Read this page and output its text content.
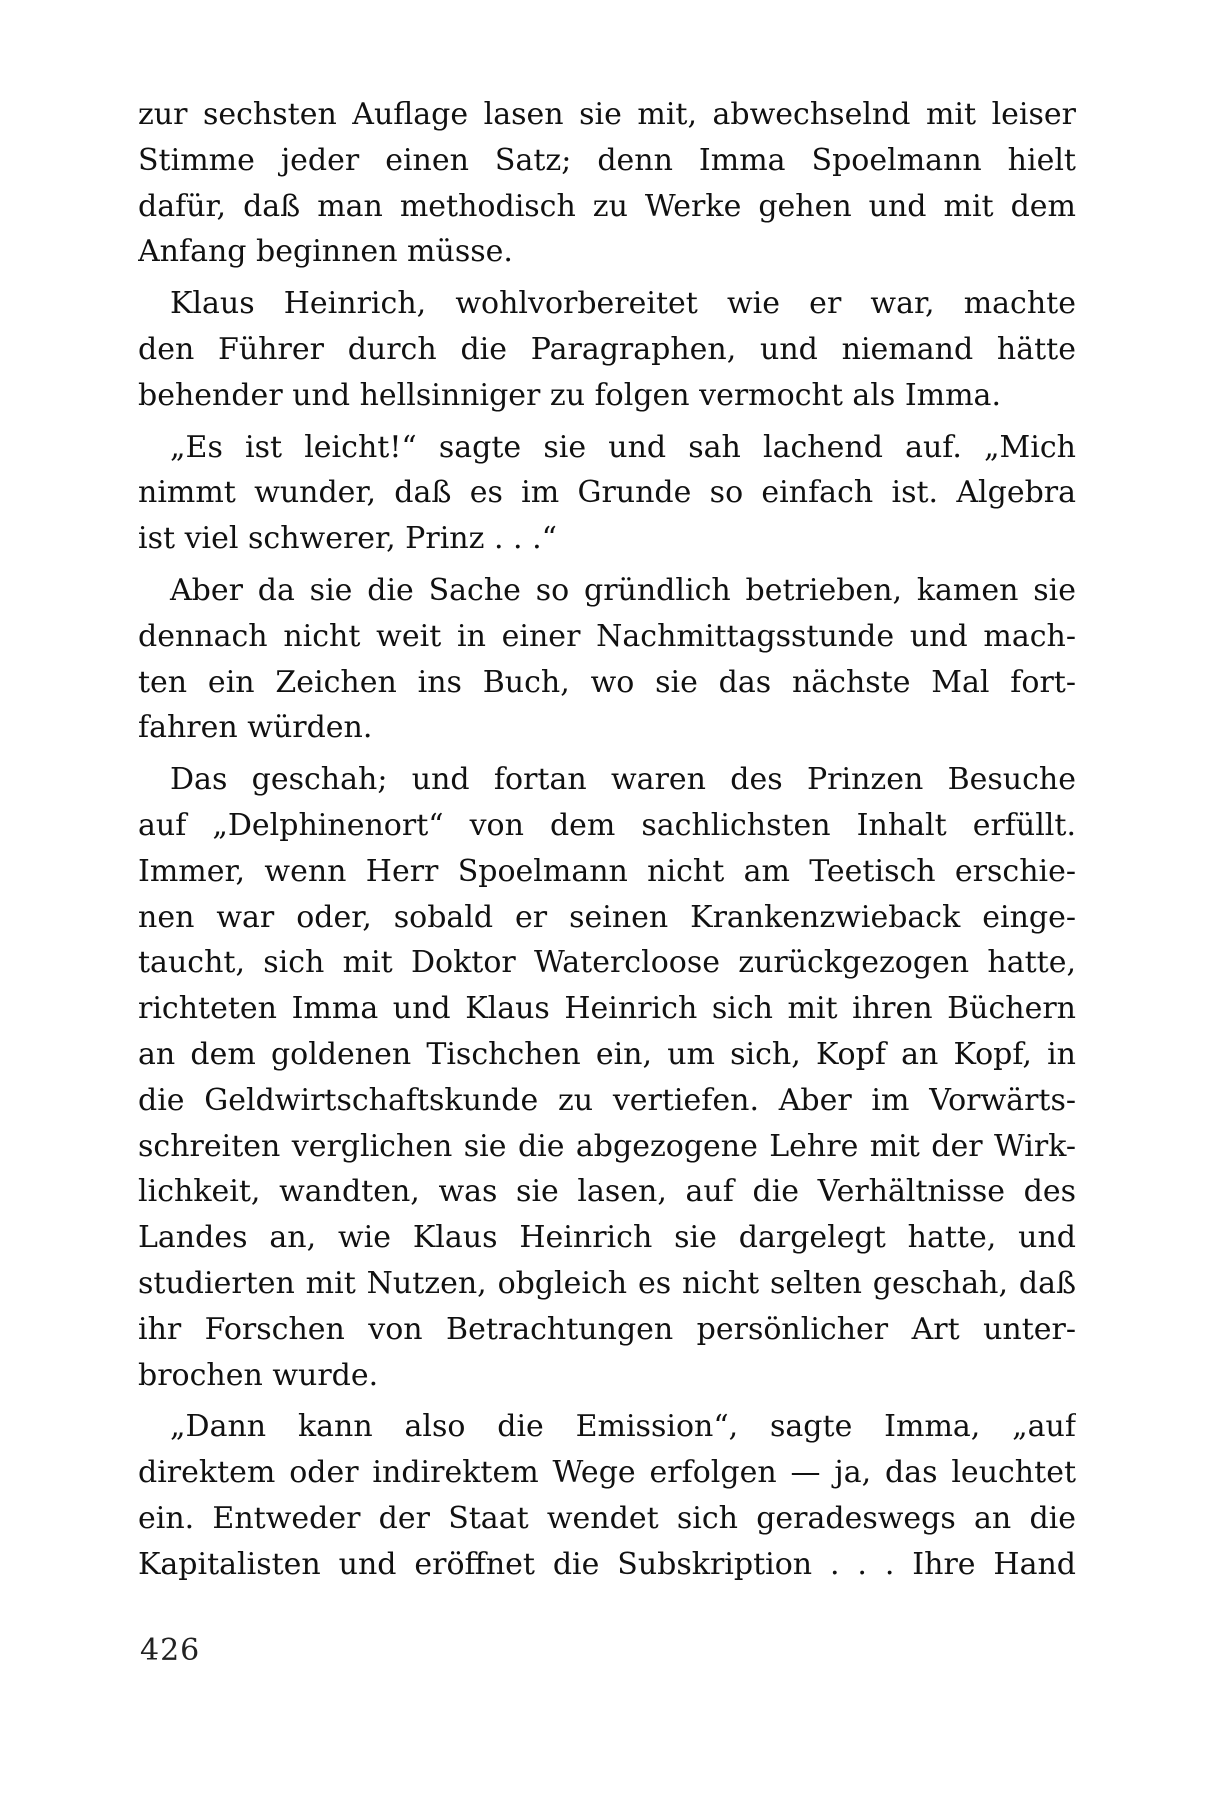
zur sechsten Auflage lasen sie mit, abwechselnd mit leiser
Stimme jeder einen Satz; denn Imma Spoelmann hielt
dafür, daß man methodisch zu Werke gehen und mit dem
Anfang beginnen müsse.
Klaus Heinrich, wohlvorbereitet wie er war, machte
den Führer durch die Paragraphen, und niemand hätte
behender und hellsinniger zu folgen vermocht als Imma.
„Es ist leicht!“ sagte sie und sah lachend auf. „Mich
nimmt wunder, daß es im Grunde so einfach ist. Algebra
ist viel schwerer, Prinz . . .“
Aber da sie die Sache so gründlich betrieben, kamen sie
dennach nicht weit in einer Nachmittagsstunde und mach-
ten ein Zeichen ins Buch, wo sie das nächste Mal fort-
fahren würden.
Das geschah; und fortan waren des Prinzen Besuche
auf „Delphinenort“ von dem sachlichsten Inhalt erfüllt.
Immer, wenn Herr Spoelmann nicht am Teetisch erschie-
nen war oder, sobald er seinen Krankenzwieback einge-
taucht, sich mit Doktor Watercloose zurückgezogen hatte,
richteten Imma und Klaus Heinrich sich mit ihren Büchern
an dem goldenen Tischchen ein, um sich, Kopf an Kopf, in
die Geldwirtschaftskunde zu vertiefen. Aber im Vorwärts-
schreiten verglichen sie die abgezogene Lehre mit der Wirk-
lichkeit, wandten, was sie lasen, auf die Verhältnisse des
Landes an, wie Klaus Heinrich sie dargelegt hatte, und
studierten mit Nutzen, obgleich es nicht selten geschah, daß
ihr Forschen von Betrachtungen persönlicher Art unter-
brochen wurde.
„Dann kann also die Emission“, sagte Imma, „auf
direktem oder indirektem Wege erfolgen — ja, das leuchtet
ein. Entweder der Staat wendet sich geradeswegs an die
Kapitalisten und eröffnet die Subskription . . . Ihre Hand
426
